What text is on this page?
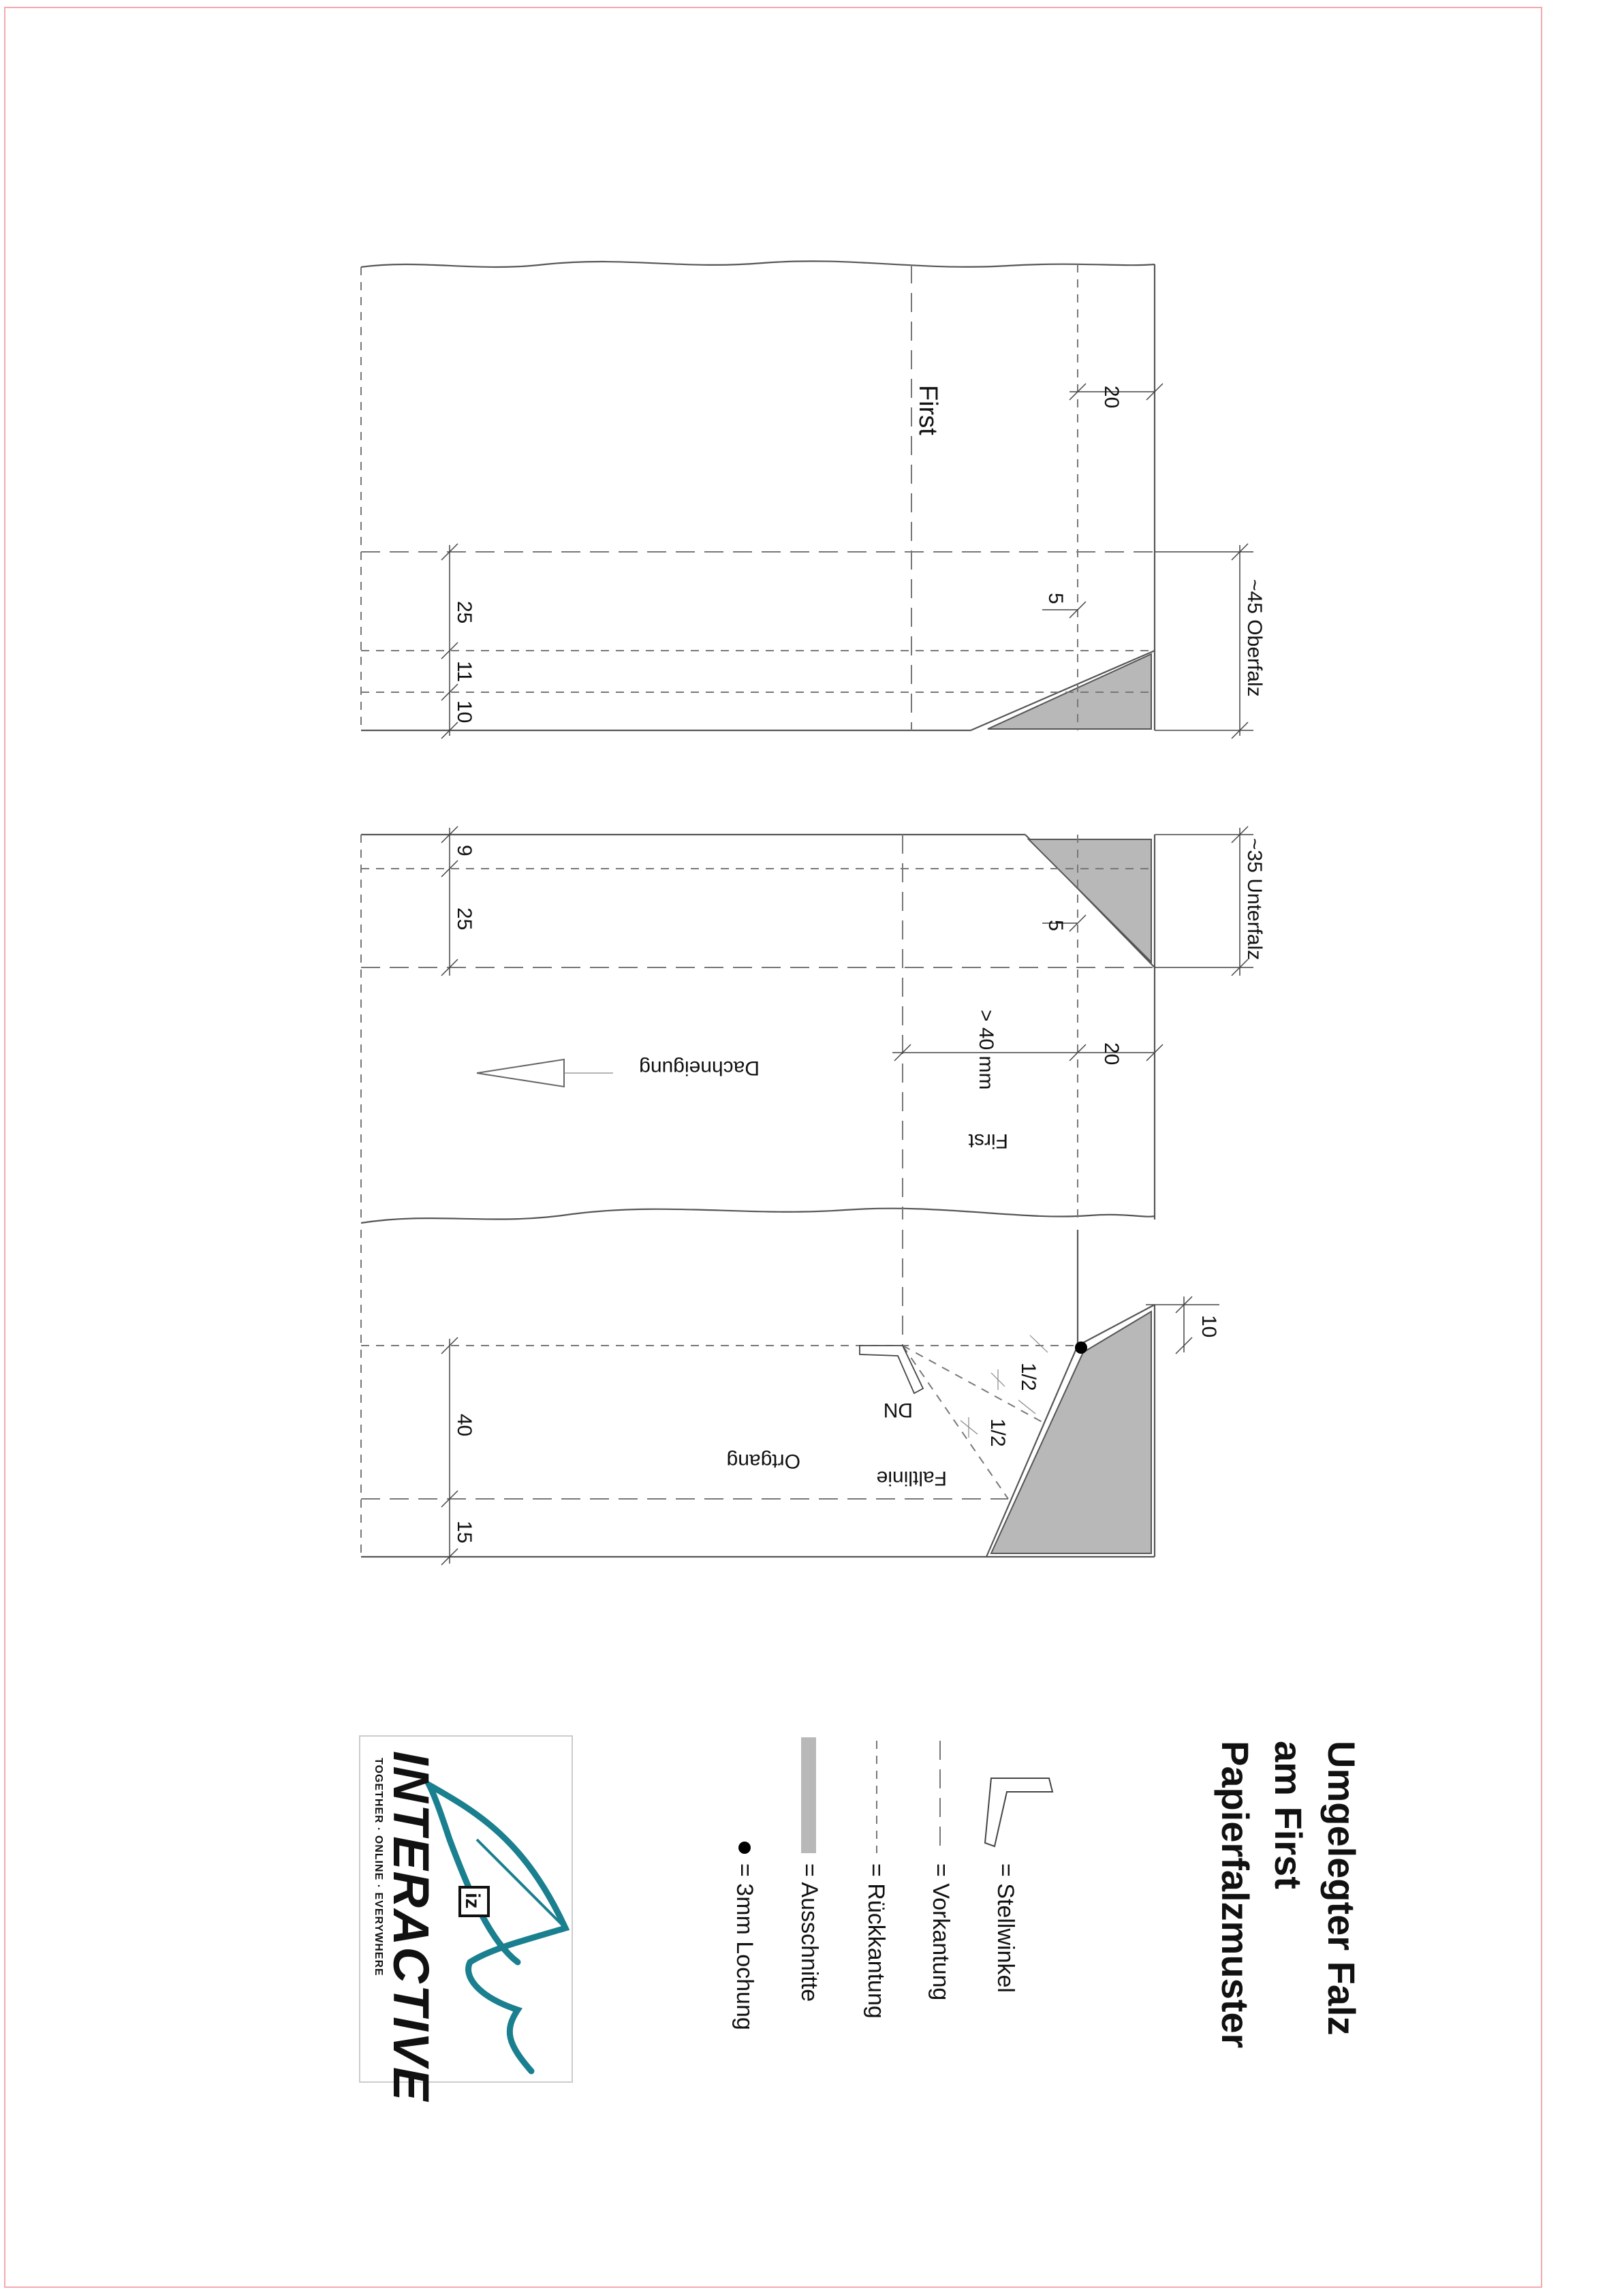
25
11
10
20
5	~45 Oberfalz
First
9
25	5	~35 Unterfalz
20
> 40 mm
Dachneigung
First
10
40
15
1/2
1/2
DN
Ortgang
Faltlinie
Umgelegter Falz
am First
Papierfalzmuster
= Stellwinkel
= Vorkantung
= Rückkantung
= Ausschnitte
= 3mm Lochung
iz
INTERACTIVE
TOGETHER · ONLINE · EVERYWHERE
